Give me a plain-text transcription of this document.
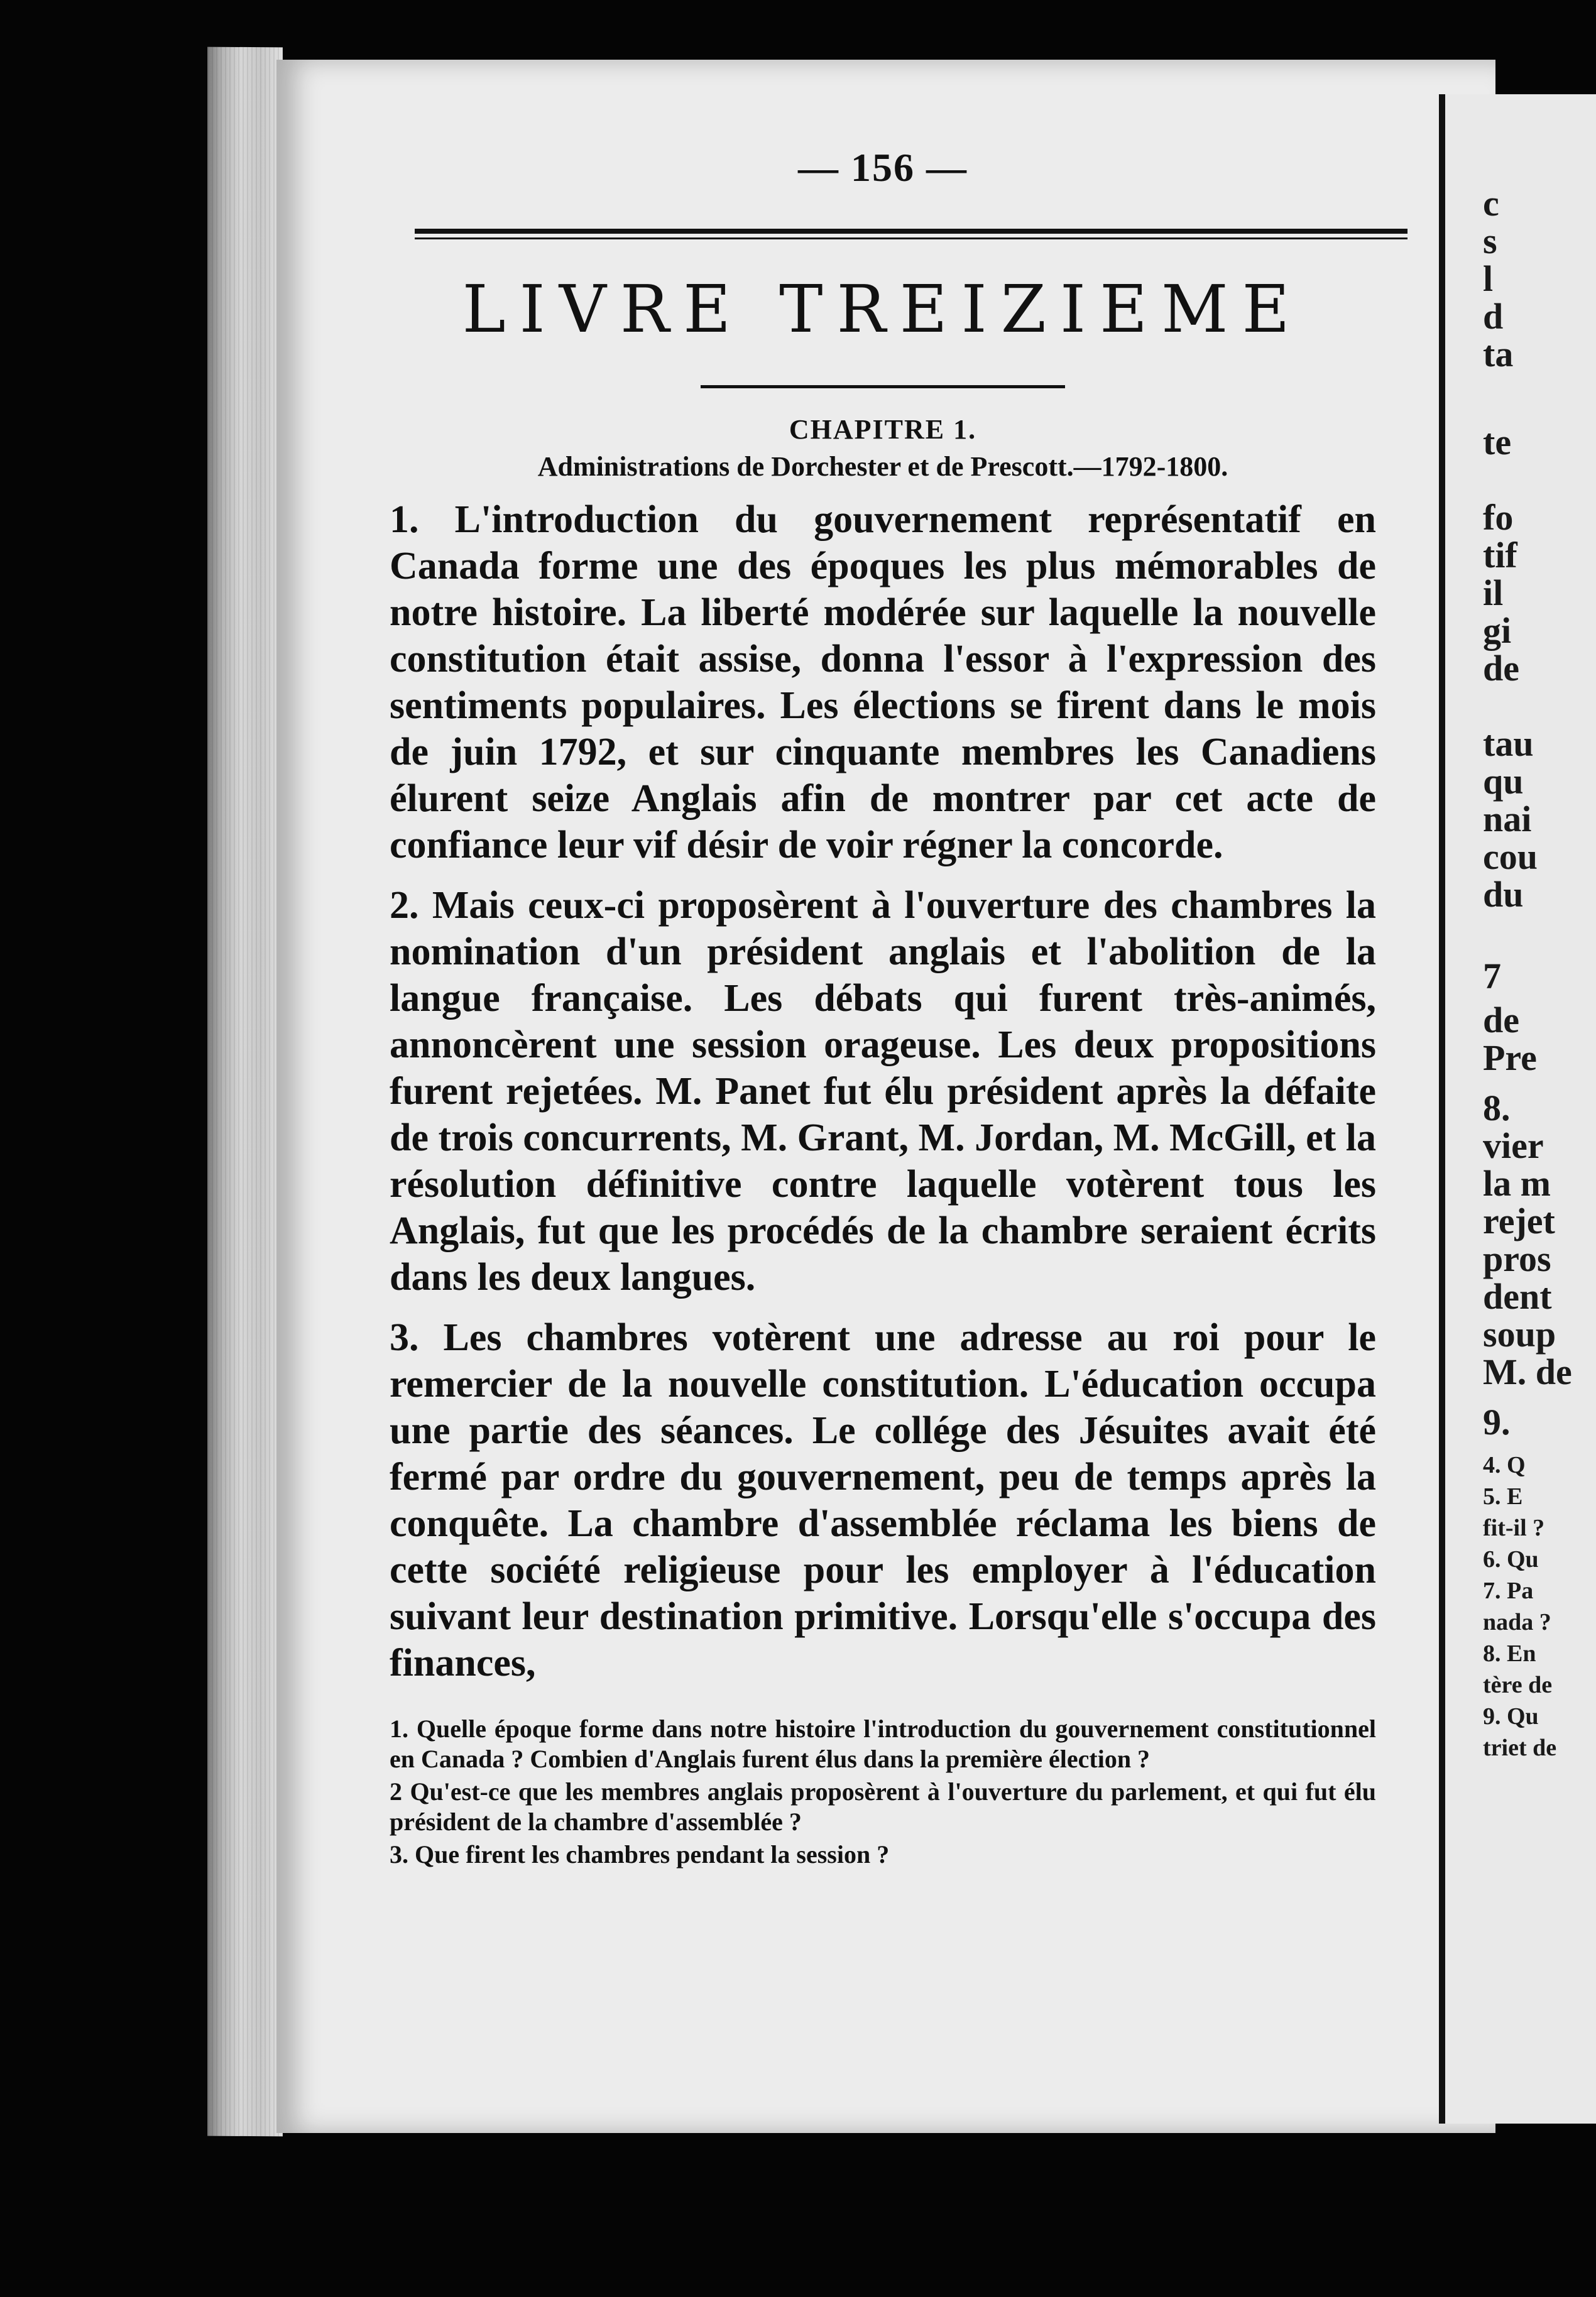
c
s
l
d
ta
te
fo
tif
il
gi
de
tau
qu
nai
cou
du
7
de
Pre
8.
vier
la m
rejet
pros
dent
soup
M. de
9.
4. Q
5. E
fit-il ?
6. Qu
7. Pa
nada ?
8. En
tère de
9. Qu
triet de
— 156 —
LIVRE TREIZIEME
CHAPITRE 1.
Administrations de Dorchester et de Prescott.—1792-1800.
1. L'introduction du gouvernement représentatif en Canada forme une des époques les plus mémorables de notre histoire. La liberté modérée sur laquelle la nouvelle constitution était assise, donna l'essor à l'expression des sentiments populaires. Les élections se firent dans le mois de juin 1792, et sur cinquante membres les Canadiens élurent seize Anglais afin de montrer par cet acte de confiance leur vif désir de voir régner la concorde.
2. Mais ceux-ci proposèrent à l'ouverture des chambres la nomination d'un président anglais et l'abolition de la langue française. Les débats qui furent très-animés, annoncèrent une session orageuse. Les deux propositions furent rejetées. M. Panet fut élu président après la défaite de trois concurrents, M. Grant, M. Jordan, M. McGill, et la résolution définitive contre laquelle votèrent tous les Anglais, fut que les procédés de la chambre seraient écrits dans les deux langues.
3. Les chambres votèrent une adresse au roi pour le remercier de la nouvelle constitution. L'éducation occupa une partie des séances. Le collége des Jésuites avait été fermé par ordre du gouvernement, peu de temps après la conquête. La chambre d'assemblée réclama les biens de cette société religieuse pour les employer à l'éducation suivant leur destination primitive. Lorsqu'elle s'occupa des finances,

1. Quelle époque forme dans notre histoire l'introduction du gouvernement constitutionnel en Canada ? Combien d'Anglais furent élus dans la première élection ?

2 Qu'est-ce que les membres anglais proposèrent à l'ouverture du parlement, et qui fut élu président de la chambre d'assemblée ?

3. Que firent les chambres pendant la session ?
